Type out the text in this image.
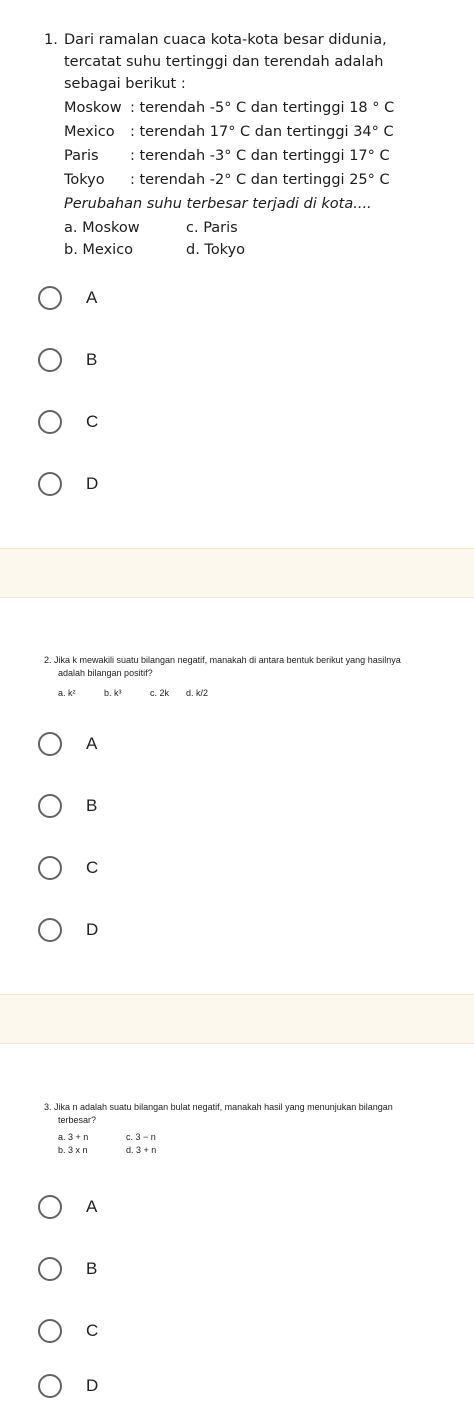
1. Dari ramalan cuaca kota-kota besar didunia,
tercatat suhu tertinggi dan terendah adalah
sebagai berikut :
Moskow : terendah -5° C dan tertinggi 18 ° C
Mexico : terendah 17° C dan tertinggi 34° C
Paris : terendah -3° C dan tertinggi 17° C
Tokyo : terendah -2° C dan tertinggi 25° C
Perubahan suhu terbesar terjadi di kota....
a. Moskow	c. Paris
b. Mexico	d. Tokyo
A
B
C
D
2. Jika k mewakili suatu bilangan negatif, manakah di antara bentuk berikut yang hasilnya
adalah bilangan positif?
a. k²	b. k³	c. 2k d. k/2
A
B
C
D
3. Jika n adalah suatu bilangan bulat negatif, manakah hasil yang menunjukan bilangan
terbesar?
a. 3 + n	c. 3 − n
b. 3 x n	d. 3 + n
A
B
C
D
